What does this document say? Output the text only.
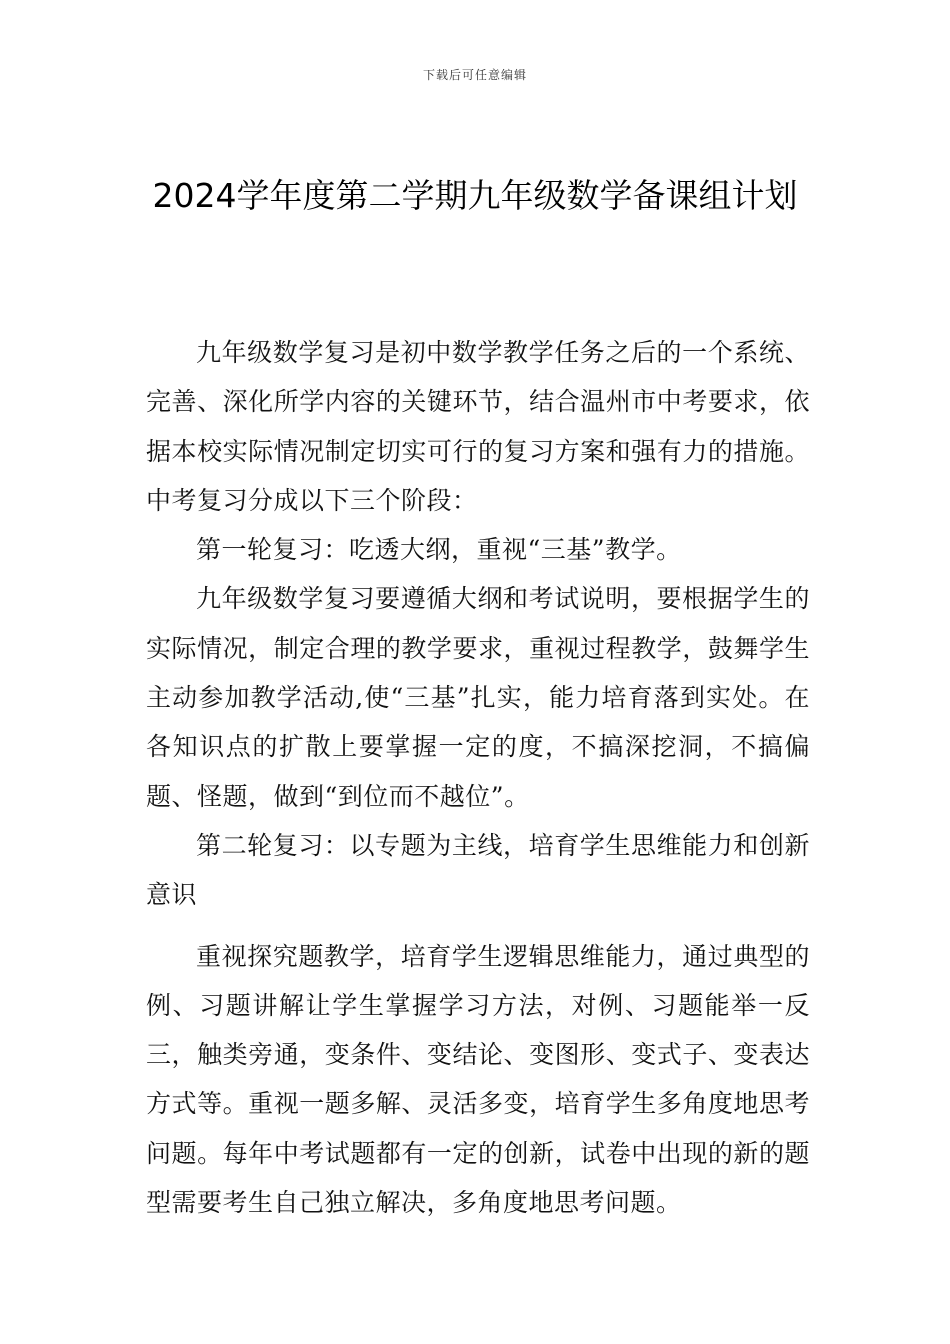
下载后可任意编辑
2024学年度第二学期九年级数学备课组计划

九年级数学复习是初中数学教学任务之后的一个系统、完善、深化所学内容的关键环节，结合温州市中考要求，依据本校实际情况制定切实可行的复习方案和强有力的措施。中考复习分成以下三个阶段：

第一轮复习：吃透大纲，重视“三基”教学。

九年级数学复习要遵循大纲和考试说明，要根据学生的实际情况，制定合理的教学要求，重视过程教学，鼓舞学生主动参加教学活动,使“三基”扎实，能力培育落到实处。在各知识点的扩散上要掌握一定的度，不搞深挖洞，不搞偏题、怪题，做到“到位而不越位”。

第二轮复习：以专题为主线，培育学生思维能力和创新意识

重视探究题教学，培育学生逻辑思维能力，通过典型的例、习题讲解让学生掌握学习方法，对例、习题能举一反三，触类旁通，变条件、变结论、变图形、变式子、变表达方式等。重视一题多解、灵活多变，培育学生多角度地思考问题。每年中考试题都有一定的创新，试卷中出现的新的题型需要考生自己独立解决，多角度地思考问题。
